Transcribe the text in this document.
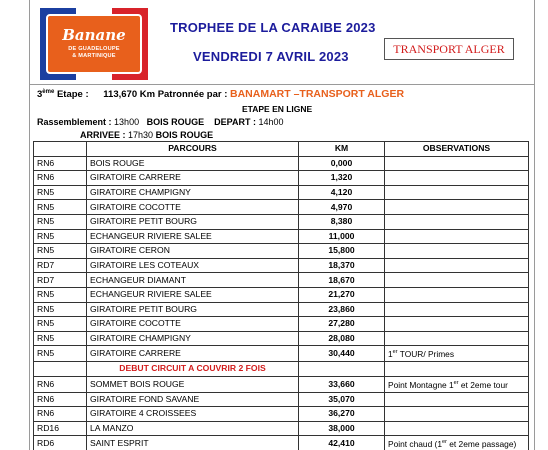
Banane
DE GUADELOUPE
& MARTINIQUE
TROPHEE DE LA CARAIBE 2023
VENDREDI 7 AVRIL 2023
TRANSPORT ALGER
3ème Etape : 113,670 Km Patronnée par : BANAMART –TRANSPORT ALGER
ETAPE EN LIGNE
Rassemblement : 13h00 BOIS ROUGE DEPART : 14h00
ARRIVEE : 17h30 BOIS ROUGE
	PARCOURS	KM	OBSERVATIONS
RN6	BOIS ROUGE	0,000	
RN6	GIRATOIRE CARRERE	1,320	
RN5	GIRATOIRE CHAMPIGNY	4,120	
RN5	GIRATOIRE COCOTTE	4,970	
RN5	GIRATOIRE PETIT BOURG	8,380	
RN5	ECHANGEUR RIVIERE SALEE	11,000	
RN5	GIRATOIRE CERON	15,800	
RD7	GIRATOIRE LES COTEAUX	18,370	
RD7	ECHANGEUR DIAMANT	18,670	
RN5	ECHANGEUR RIVIERE SALEE	21,270	
RN5	GIRATOIRE PETIT BOURG	23,860	
RN5	GIRATOIRE COCOTTE	27,280	
RN5	GIRATOIRE CHAMPIGNY	28,080	
RN5	GIRATOIRE CARRERE	30,440	1er TOUR/ Primes
	DEBUT CIRCUIT A COUVRIR 2 FOIS		
RN6	SOMMET BOIS ROUGE	33,660	Point Montagne 1er et 2eme tour
RN6	GIRATOIRE FOND SAVANE	35,070	
RN6	GIRATOIRE 4 CROISSEES	36,270	
RD16	LA MANZO	38,000	
RD6	SAINT ESPRIT	42,410	Point chaud (1er et 2eme passage)
